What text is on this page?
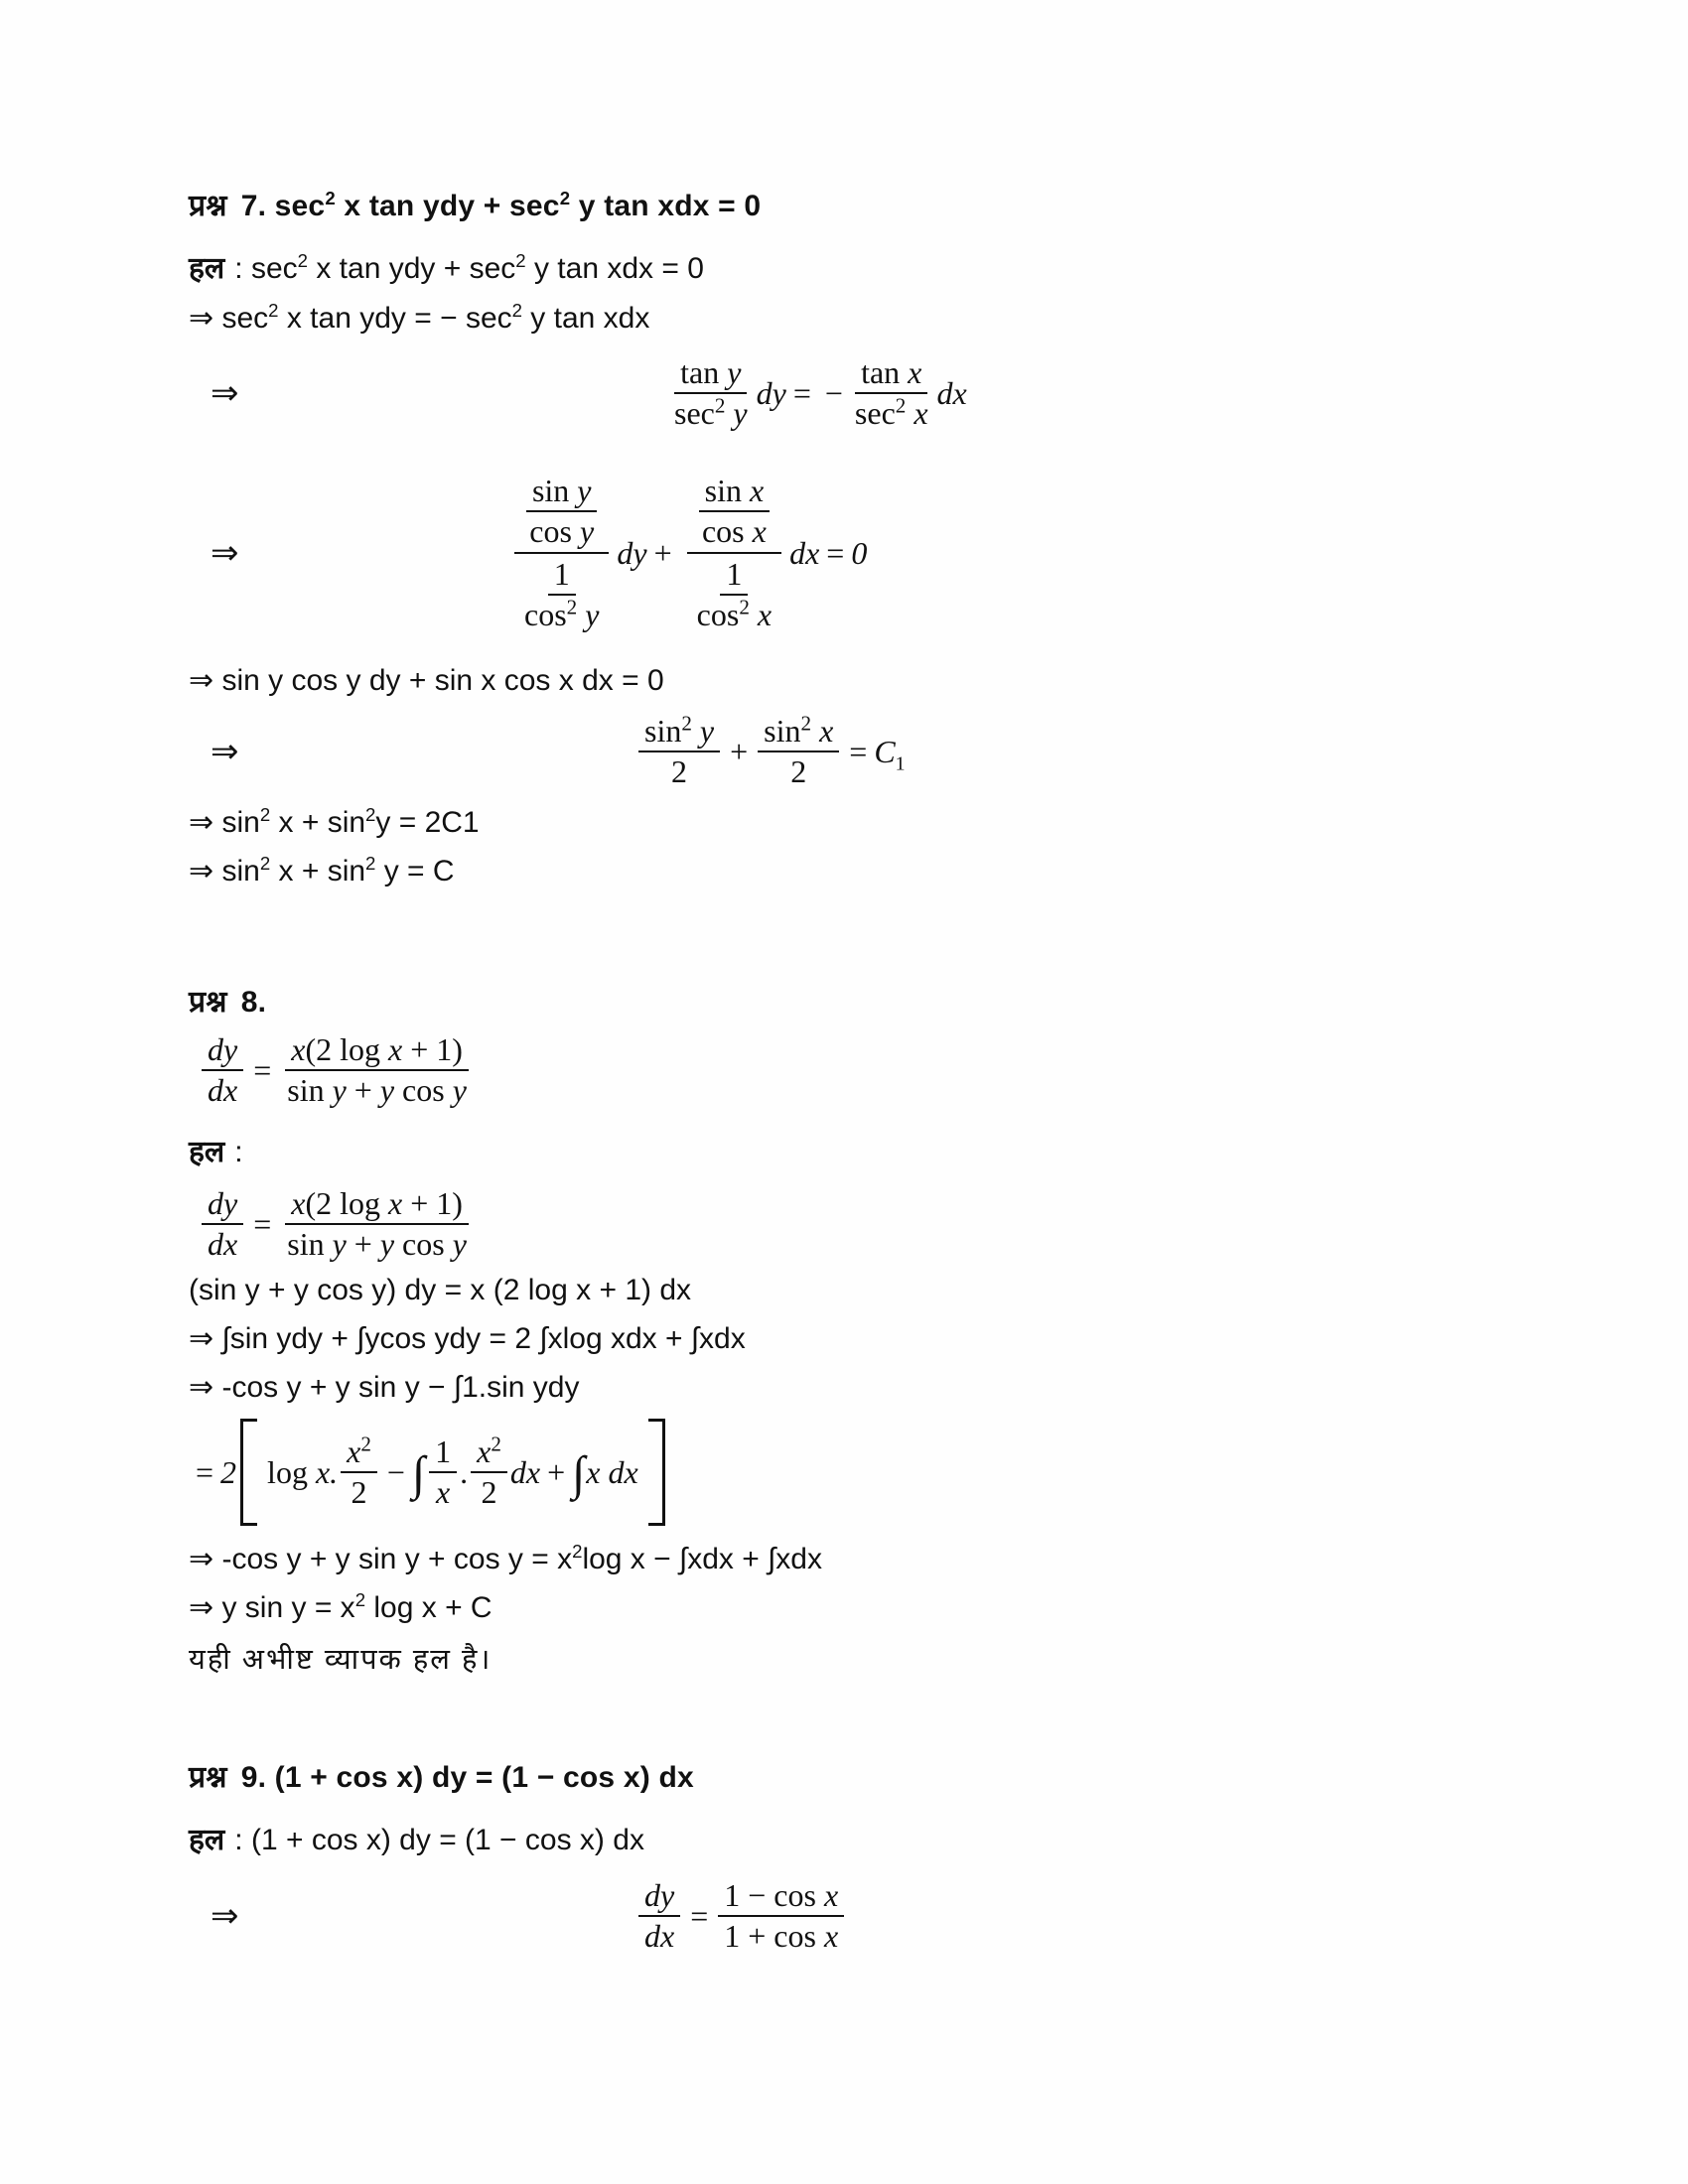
प्रश्न 7. $\sec^2 x$ tan ydy + $\sec^2 y$ tan xdx = 0
हल : $\sec^2 x$ tan ydy + $\sec^2 y$ tan xdx = 0
⇒ $\sec^2 x$ tan ydy = − $\sec^2 y$ tan xdx
⇒	$\frac{\text{tan y}}{\sec^2 y}$ dy = − $\frac{\text{tan x}}{\sec^2 x}$ dx
⇒	$\frac{\frac{\text{sin y}}{\text{cos y}}}{\frac{1}{\cos^2 y}}$ dy + $\frac{\frac{\text{sin x}}{\text{cos x}}}{\frac{1}{\cos^2 x}}$ dx = 0
⇒ sin y cos y dy + sin x cos x dx = 0
⇒	$\frac{\sin^2 y}{2} + \frac{\sin^2 x}{2} = C_1$
⇒ $\sin^2 x + \sin^2y = 2C1$
⇒ $\sin^2 x + \sin^2 y = C$
प्रश्न 8.
$\frac{dy}{dx} = \frac{\text{x(2 log x + 1)}}{\text{sin y + y cos y}}$
हल :
$\frac{dy}{dx} = \frac{\text{x(2 log x + 1)}}{\text{sin y + y cos y}}$
(sin y + y cos y) dy = x (2 log x + 1) dx
⇒ ∫sin ydy + ∫ycos ydy = 2 ∫xlog xdx + ∫xdx
⇒ -cos y + y sin y − ∫1.sin ydy
= 2 log x. $\frac{x^2}{2}$ − ∫ $\frac{1}{x}$ . $\frac{x^2}{2}$ dx + ∫ x dx
⇒ -cos y + y $\sin y + \cos y = x^2\log$ x − ∫xdx + ∫xdx
⇒ y $\sin y = x^2$ log x + C
यही अभीष्ट व्यापक हल है।
प्रश्न 9. (1 + cos x) dy = (1 − cos x) dx
हल : (1 + cos x) dy = (1 − cos x) dx
⇒	$\frac{dy}{dx} = \frac{\text{1 − cos x}}{\text{1 + cos x}}$
